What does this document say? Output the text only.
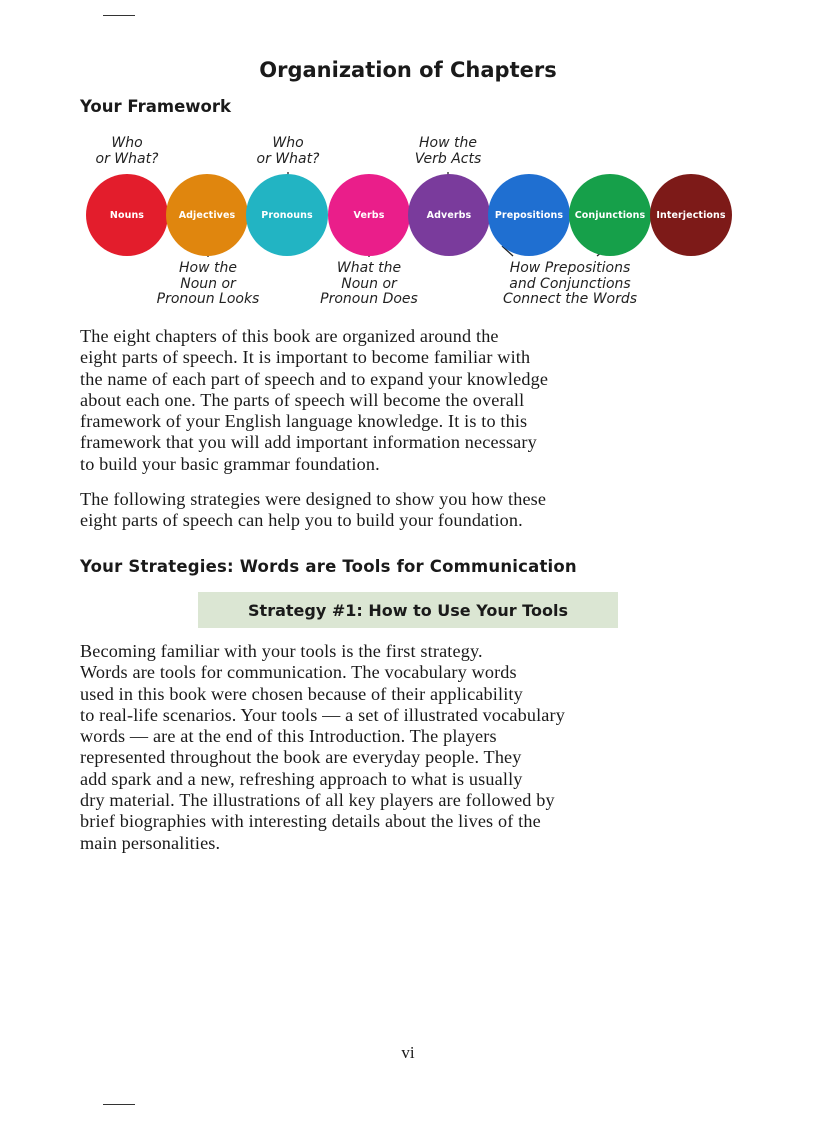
Organization of Chapters
Your Framework
Who
or What?
Who
or What?
How the
Verb Acts
Nouns	Adjectives	Pronouns	Verbs	Adverbs	Prepositions	Conjunctions	Interjections
How the
Noun or
Pronoun Looks
What the
Noun or
Pronoun Does
How Prepositions
and Conjunctions
Connect the Words

The eight chapters of this book are organized around the
eight parts of speech. It is important to become familiar with
the name of each part of speech and to expand your knowledge
about each one. The parts of speech will become the overall
framework of your English language knowledge. It is to this
framework that you will add important information necessary
to build your basic grammar foundation.

The following strategies were designed to show you how these
eight parts of speech can help you to build your foundation.

Your Strategies: Words are Tools for Communication
Strategy #1: How to Use Your Tools

Becoming familiar with your tools is the first strategy.
Words are tools for communication. The vocabulary words
used in this book were chosen because of their applicability
to real-life scenarios. Your tools — a set of illustrated vocabulary
words — are at the end of this Introduction. The players
represented throughout the book are everyday people. They
add spark and a new, refreshing approach to what is usually
dry material. The illustrations of all key players are followed by
brief biographies with interesting details about the lives of the
main personalities.

vi
